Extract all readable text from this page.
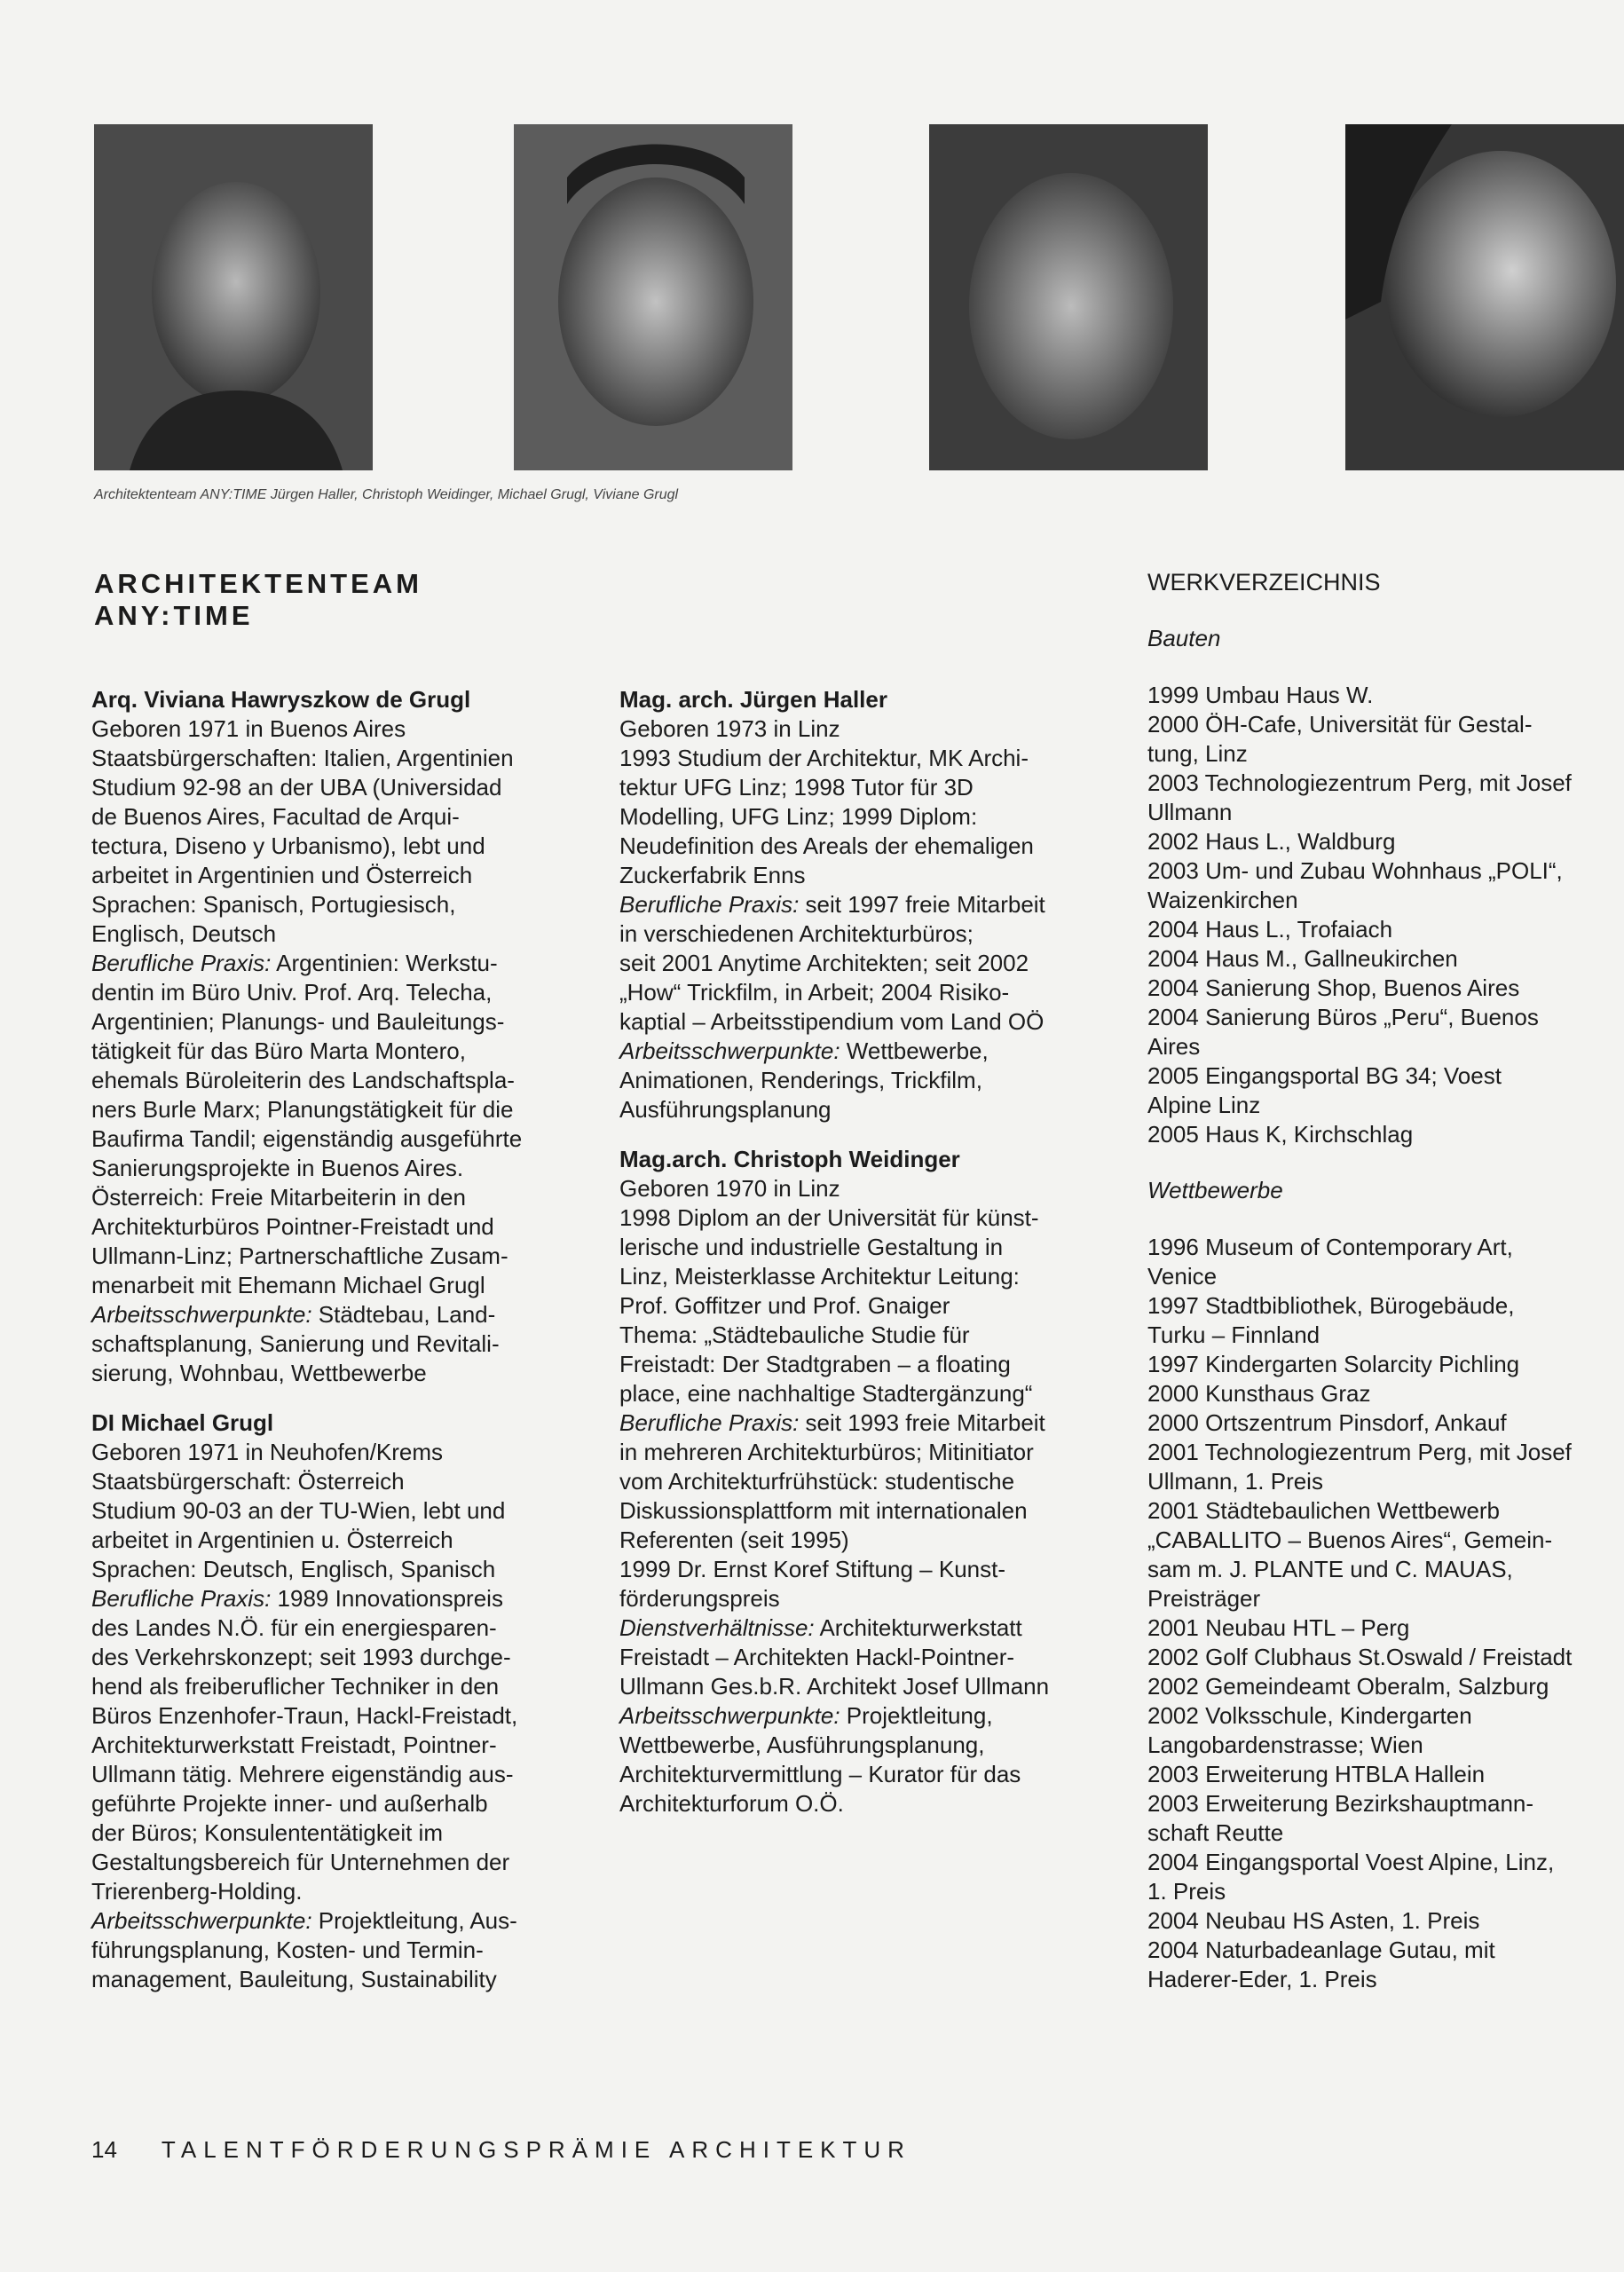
Architektenteam ANY:TIME Jürgen Haller, Christoph Weidinger, Michael Grugl, Viviane Grugl

ARCHITEKTENTEAM
ANY:TIME

Arq. Viviana Hawryszkow de Grugl

Geboren 1971 in Buenos Aires

Staatsbürgerschaften: Italien, Argentinien

Studium 92-98 an der UBA (Universidad

de Buenos Aires, Facultad de Arqui-

tectura, Diseno y Urbanismo), lebt und

arbeitet in Argentinien und Österreich

Sprachen: Spanisch, Portugiesisch,

Englisch, Deutsch

Berufliche Praxis: Argentinien: Werkstu-

dentin im Büro Univ. Prof. Arq. Telecha,

Argentinien; Planungs- und Bauleitungs-

tätigkeit für das Büro Marta Montero,

ehemals Büroleiterin des Landschaftspla-

ners Burle Marx; Planungstätigkeit für die

Baufirma Tandil; eigenständig ausgeführte

Sanierungsprojekte in Buenos Aires.

Österreich: Freie Mitarbeiterin in den

Architekturbüros Pointner-Freistadt und

Ullmann-Linz; Partnerschaftliche Zusam-

menarbeit mit Ehemann Michael Grugl

Arbeitsschwerpunkte: Städtebau, Land-

schaftsplanung, Sanierung und Revitali-

sierung, Wohnbau, Wettbewerbe

DI Michael Grugl

Geboren 1971 in Neuhofen/Krems

Staatsbürgerschaft: Österreich

Studium 90-03 an der TU-Wien, lebt und

arbeitet in Argentinien u. Österreich

Sprachen: Deutsch, Englisch, Spanisch

Berufliche Praxis: 1989 Innovationspreis

des Landes N.Ö. für ein energiesparen-

des Verkehrskonzept; seit 1993 durchge-

hend als freiberuflicher Techniker in den

Büros Enzenhofer-Traun, Hackl-Freistadt,

Architekturwerkstatt Freistadt, Pointner-

Ullmann tätig. Mehrere eigenständig aus-

geführte Projekte inner- und außerhalb

der Büros; Konsulententätigkeit im

Gestaltungsbereich für Unternehmen der

Trierenberg-Holding.

Arbeitsschwerpunkte: Projektleitung, Aus-

führungsplanung, Kosten- und Termin-

management, Bauleitung, Sustainability

Mag. arch. Jürgen Haller

Geboren 1973 in Linz

1993 Studium der Architektur, MK Archi-

tektur UFG Linz; 1998 Tutor für 3D

Modelling, UFG Linz; 1999 Diplom:

Neudefinition des Areals der ehemaligen

Zuckerfabrik Enns

Berufliche Praxis: seit 1997 freie Mitarbeit

in verschiedenen Architekturbüros;

seit 2001 Anytime Architekten; seit 2002

„How“ Trickfilm, in Arbeit; 2004 Risiko-

kaptial – Arbeitsstipendium vom Land OÖ

Arbeitsschwerpunkte: Wettbewerbe,

Animationen, Renderings, Trickfilm,

Ausführungsplanung

Mag.arch. Christoph Weidinger

Geboren 1970 in Linz

1998 Diplom an der Universität für künst-

lerische und industrielle Gestaltung in

Linz, Meisterklasse Architektur Leitung:

Prof. Goffitzer und Prof. Gnaiger

Thema: „Städtebauliche Studie für

Freistadt: Der Stadtgraben – a floating

place, eine nachhaltige Stadtergänzung“

Berufliche Praxis: seit 1993 freie Mitarbeit

in mehreren Architekturbüros; Mitinitiator

vom Architekturfrühstück: studentische

Diskussionsplattform mit internationalen

Referenten (seit 1995)

1999 Dr. Ernst Koref Stiftung – Kunst-

förderungspreis

Dienstverhältnisse: Architekturwerkstatt

Freistadt – Architekten Hackl-Pointner-

Ullmann Ges.b.R. Architekt Josef Ullmann

Arbeitsschwerpunkte: Projektleitung,

Wettbewerbe, Ausführungsplanung,

Architekturvermittlung – Kurator für das

Architekturforum O.Ö.

WERKVERZEICHNIS

Bauten

1999 Umbau Haus W.

2000 ÖH-Cafe, Universität für Gestal-

tung, Linz

2003 Technologiezentrum Perg, mit Josef

Ullmann

2002 Haus L., Waldburg

2003 Um- und Zubau Wohnhaus „POLI“,

Waizenkirchen

2004 Haus L., Trofaiach

2004 Haus M., Gallneukirchen

2004 Sanierung Shop, Buenos Aires

2004 Sanierung Büros „Peru“, Buenos

Aires

2005 Eingangsportal BG 34; Voest

Alpine Linz

2005 Haus K, Kirchschlag

Wettbewerbe

1996 Museum of Contemporary Art,

Venice

1997 Stadtbibliothek, Bürogebäude,

Turku – Finnland

1997 Kindergarten Solarcity Pichling

2000 Kunsthaus Graz

2000 Ortszentrum Pinsdorf, Ankauf

2001 Technologiezentrum Perg, mit Josef

Ullmann, 1. Preis

2001 Städtebaulichen Wettbewerb

„CABALLITO – Buenos Aires“, Gemein-

sam m. J. PLANTE und C. MAUAS,

Preisträger

2001 Neubau HTL – Perg

2002 Golf Clubhaus St.Oswald / Freistadt

2002 Gemeindeamt Oberalm, Salzburg

2002 Volksschule, Kindergarten

Langobardenstrasse; Wien

2003 Erweiterung HTBLA Hallein

2003 Erweiterung Bezirkshauptmann-

schaft Reutte

2004 Eingangsportal Voest Alpine, Linz,

1. Preis

2004 Neubau HS Asten, 1. Preis

2004 Naturbadeanlage Gutau, mit

Haderer-Eder, 1. Preis

14 TALENTFÖRDERUNGSPRÄMIE ARCHITEKTUR
